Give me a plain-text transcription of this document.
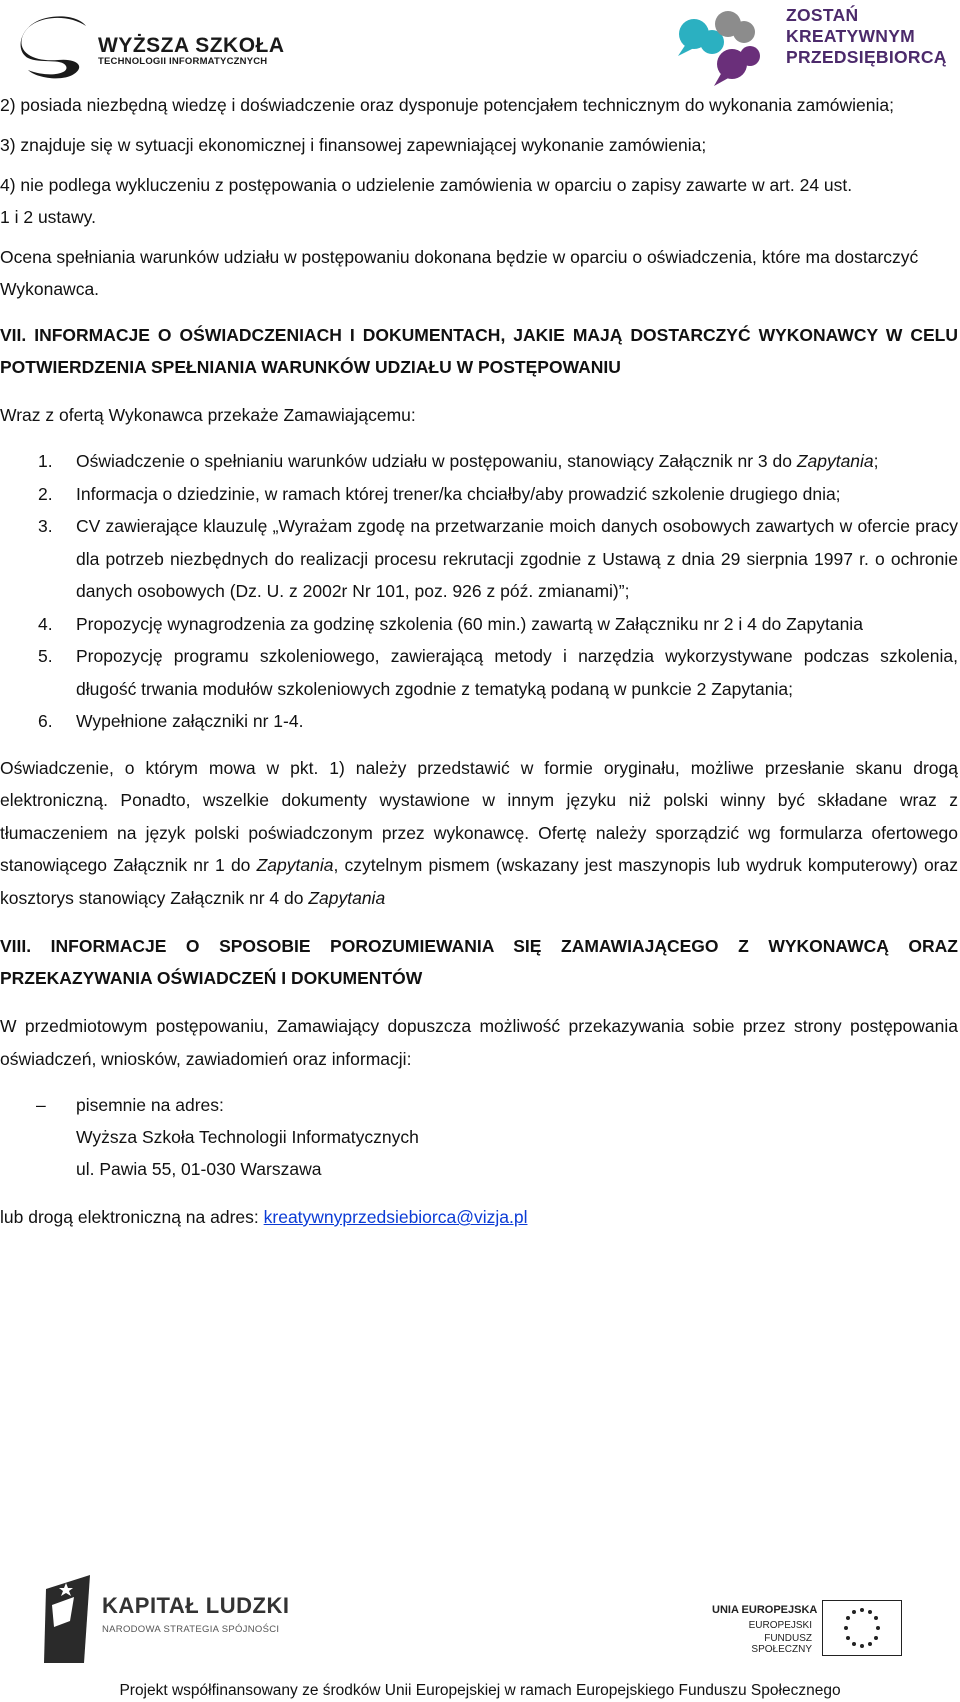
WYŻSZA SZKOŁA
TECHNOLOGII INFORMATYCZNYCH
ZOSTAŃ
KREATYWNYM
PRZEDSIĘBIORCĄ

2) posiada niezbędną wiedzę i doświadczenie oraz dysponuje potencjałem technicznym do wykonania zamówienia;

3) znajduje się w sytuacji ekonomicznej i finansowej zapewniającej wykonanie zamówienia;

4) nie podlega wykluczeniu z postępowania o udzielenie zamówienia w oparciu o zapisy zawarte w art. 24 ust. 1 i 2 ustawy.

Ocena spełniania warunków udziału w postępowaniu dokonana będzie w oparciu o oświadczenia, które ma dostarczyć Wykonawca.

VII. INFORMACJE O OŚWIADCZENIACH I DOKUMENTACH, JAKIE MAJĄ DOSTARCZYĆ WYKONAWCY W CELU POTWIERDZENIA SPEŁNIANIA WARUNKÓW UDZIAŁU W POSTĘPOWANIU

Wraz z ofertą Wykonawca przekaże Zamawiającemu:

1. Oświadczenie o spełnianiu warunków udziału w postępowaniu, stanowiący Załącznik nr 3 do Zapytania;
2. Informacja o dziedzinie, w ramach której trener/ka chciałby/aby prowadzić szkolenie drugiego dnia;
3. CV zawierające klauzulę „Wyrażam zgodę na przetwarzanie moich danych osobowych zawartych w ofercie pracy dla potrzeb niezbędnych do realizacji procesu rekrutacji zgodnie z Ustawą z dnia 29 sierpnia 1997 r. o ochronie danych osobowych (Dz. U. z 2002r Nr 101, poz. 926 z póź. zmianami)”;
4. Propozycję wynagrodzenia za godzinę szkolenia (60 min.) zawartą w Załączniku nr 2 i 4 do Zapytania
5. Propozycję programu szkoleniowego, zawierającą metody i narzędzia wykorzystywane podczas szkolenia, długość trwania modułów szkoleniowych zgodnie z tematyką podaną w punkcie 2 Zapytania;
6. Wypełnione załączniki nr 1-4.

Oświadczenie, o którym mowa w pkt. 1) należy przedstawić w formie oryginału, możliwe przesłanie skanu drogą elektroniczną. Ponadto, wszelkie dokumenty wystawione w innym języku niż polski winny być składane wraz z tłumaczeniem na język polski poświadczonym przez wykonawcę. Ofertę należy sporządzić wg formularza ofertowego stanowiącego Załącznik nr 1 do Zapytania, czytelnym pismem (wskazany jest maszynopis lub wydruk komputerowy) oraz kosztorys stanowiący Załącznik nr 4 do Zapytania

VIII. INFORMACJE O SPOSOBIE POROZUMIEWANIA SIĘ ZAMAWIAJĄCEGO Z WYKONAWCĄ ORAZ PRZEKAZYWANIA OŚWIADCZEŃ I DOKUMENTÓW

W przedmiotowym postępowaniu, Zamawiający dopuszcza możliwość przekazywania sobie przez strony postępowania oświadczeń, wniosków, zawiadomień oraz informacji:

– pisemnie na adres:
Wyższa Szkoła Technologii Informatycznych
ul. Pawia 55, 01-030 Warszawa

lub drogą elektroniczną na adres: kreatywnyprzedsiebiorca@vizja.pl

KAPITAŁ LUDZKI
NARODOWA STRATEGIA SPÓJNOŚCI
UNIA EUROPEJSKA
EUROPEJSKI
FUNDUSZ SPOŁECZNY
Projekt współfinansowany ze środków Unii Europejskiej w ramach Europejskiego Funduszu Społecznego
